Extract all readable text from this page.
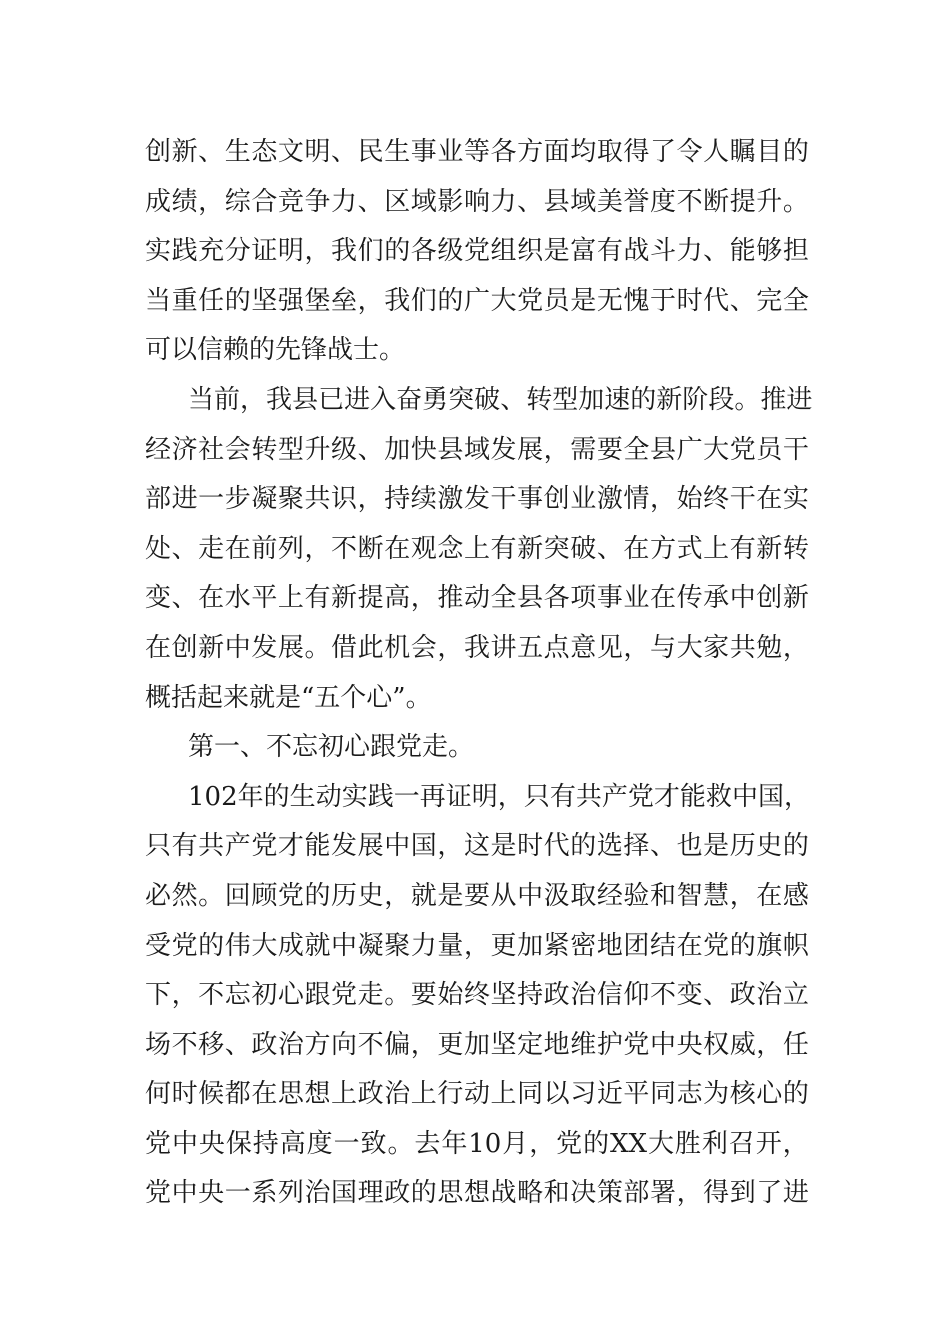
创 新 、 生 态 文 明 、 民 生 事 业 等 各 方 面 均 取 得 了 令 人 瞩 目 的
成 绩 ， 综 合 竞 争 力 、 区 域 影 响 力 、 县 域 美 誉 度 不 断 提 升 。
实 践 充 分 证 明 ， 我 们 的 各 级 党 组 织 是 富 有 战 斗 力 、 能 够 担
当 重 任 的 坚 强 堡 垒 ， 我 们 的 广 大 党 员 是 无 愧 于 时 代 、 完 全
可以信赖的先锋战士。
当 前 ， 我 县 已 进 入 奋 勇 突 破 、 转 型 加 速 的 新 阶 段 。 推 进
经 济 社 会 转 型 升 级 、 加 快 县 域 发 展 ， 需 要 全 县 广 大 党 员 干
部 进 一 步 凝 聚 共 识 ， 持 续 激 发 干 事 创 业 激 情 ， 始 终 干 在 实
处 、 走 在 前 列 ， 不 断 在 观 念 上 有 新 突 破 、 在 方 式 上 有 新 转
变 、 在 水 平 上 有 新 提 高 ， 推 动 全 县 各 项 事 业 在 传 承 中 创 新
在 创 新 中 发 展 。 借 此 机 会 ， 我 讲 五 点 意 见 ， 与 大 家 共 勉 ，
概括起来就是“五个心”。
第一、不忘初心跟党走。
102 年 的 生 动 实 践 一 再 证 明 ， 只 有 共 产 党 才 能 救 中 国 ，
只 有 共 产 党 才 能 发 展 中 国 ， 这 是 时 代 的 选 择 、 也 是 历 史 的
必 然 。 回 顾 党 的 历 史 ， 就 是 要 从 中 汲 取 经 验 和 智 慧 ， 在 感
受 党 的 伟 大 成 就 中 凝 聚 力 量 ， 更 加 紧 密 地 团 结 在 党 的 旗 帜
下 ， 不 忘 初 心 跟 党 走 。 要 始 终 坚 持 政 治 信 仰 不 变 、 政 治 立
场 不 移 、 政 治 方 向 不 偏 ， 更 加 坚 定 地 维 护 党 中 央 权 威 ， 任
何 时 候 都 在 思 想 上 政 治 上 行 动 上 同 以 习 近 平 同 志 为 核 心 的
党 中 央 保 持 高 度 一 致 。 去 年 10 月 ， 党 的 XX 大 胜 利 召 开 ，
党 中 央 一 系 列 治 国 理 政 的 思 想 战 略 和 决 策 部 署 ， 得 到 了 进
